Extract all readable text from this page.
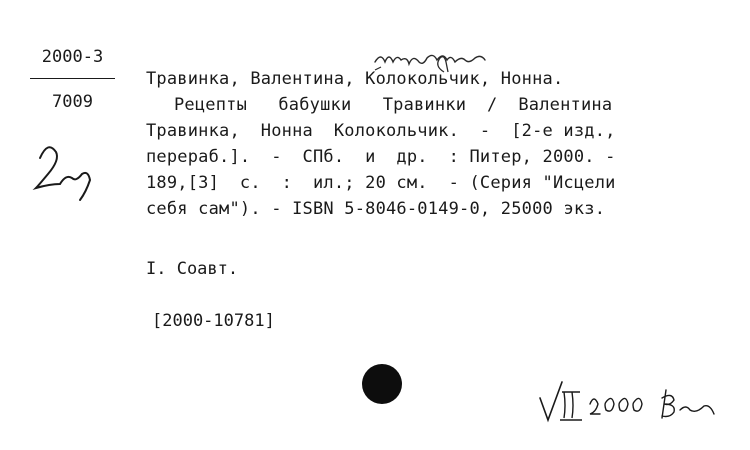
2000-3
7009
Травинка, Валентина, Колокольчик, Нонна.
Рецепты   бабушки   Травинки  /  Валентина
Травинка,  Нонна  Колокольчик.  -  [2-е изд.,
перераб.].  -  СПб.  и  др.  : Питер, 2000. -
189,[3]  с.  :  ил.; 20 см.  - (Серия "Исцели
себя сам"). - ISBN 5-8046-0149-0, 25000 экз.
I. Соавт.
[2000-10781]
